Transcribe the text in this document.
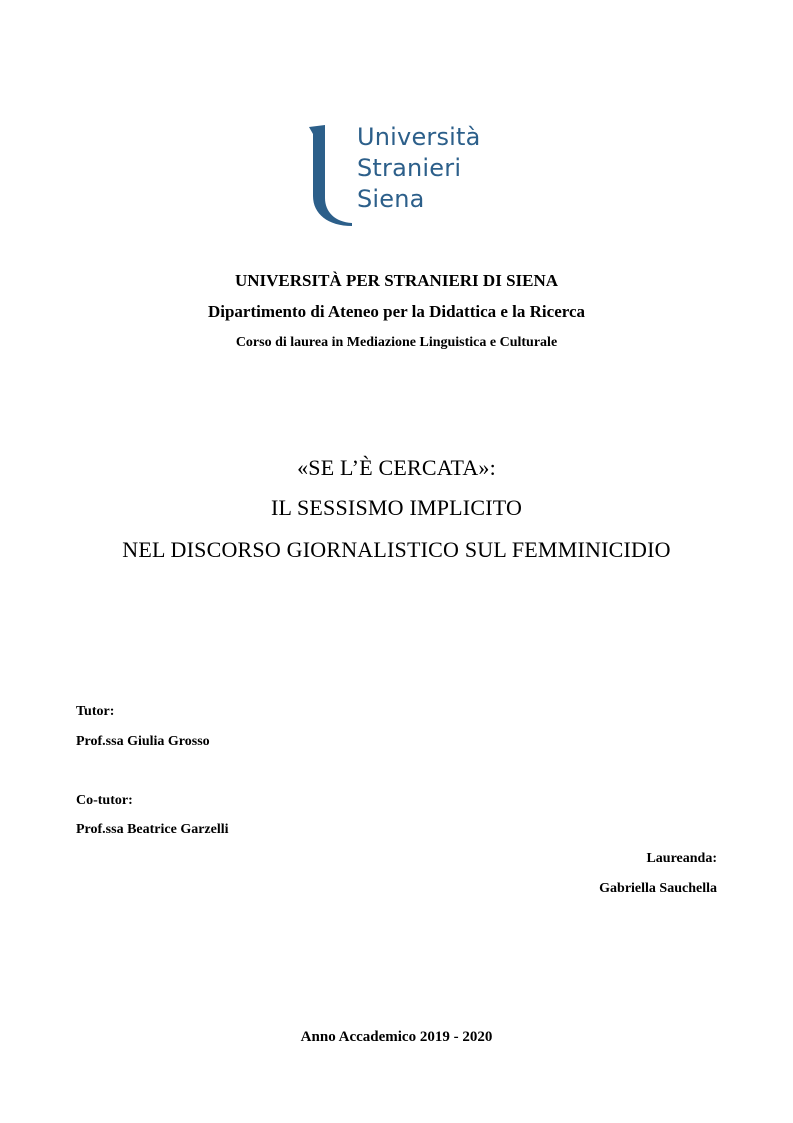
Università
Stranieri
Siena
UNIVERSITÀ PER STRANIERI DI SIENA
Dipartimento di Ateneo per la Didattica e la Ricerca
Corso di laurea in Mediazione Linguistica e Culturale
«SE L’È CERCATA»:
IL SESSISMO IMPLICITO
NEL DISCORSO GIORNALISTICO SUL FEMMINICIDIO
Tutor:
Prof.ssa Giulia Grosso
Co-tutor:
Prof.ssa Beatrice Garzelli
Laureanda:
Gabriella Sauchella
Anno Accademico 2019 - 2020
